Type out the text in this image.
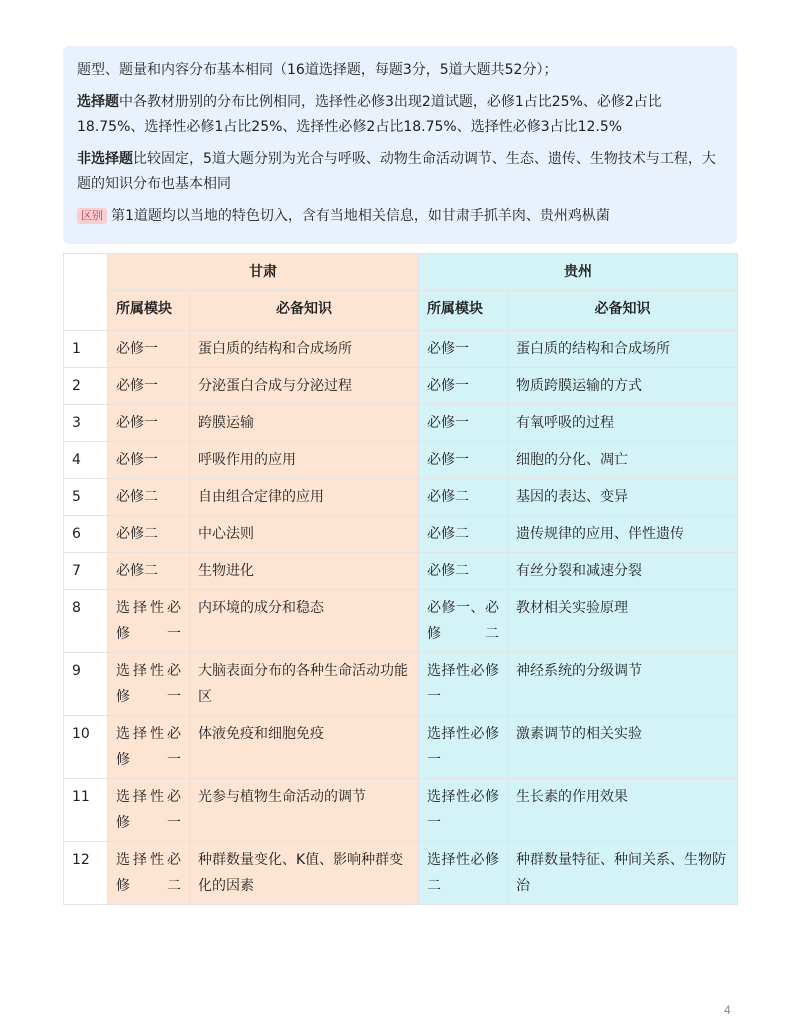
题型、题量和内容分布基本相同（16道选择题，每题3分，5道大题共52分）；

选择题中各教材册别的分布比例相同，选择性必修3出现2道试题，必修1占比25%、必修2占比18.75%、选择性必修1占比25%、选择性必修2占比18.75%、选择性必修3占比12.5%

非选择题比较固定，5道大题分别为光合与呼吸、动物生命活动调节、生态、遗传、生物技术与工程，大题的知识分布也基本相同

区别 第1道题均以当地的特色切入，含有当地相关信息，如甘肃手抓羊肉、贵州鸡枞菌

	甘肃		贵州	
	所属模块	必备知识	所属模块	必备知识
1	必修一	蛋白质的结构和合成场所	必修一	蛋白质的结构和合成场所
2	必修一	分泌蛋白合成与分泌过程	必修一	物质跨膜运输的方式
3	必修一	跨膜运输	必修一	有氧呼吸的过程
4	必修一	呼吸作用的应用	必修一	细胞的分化、凋亡
5	必修二	自由组合定律的应用	必修二	基因的表达、变异
6	必修二	中心法则	必修二	遗传规律的应用、伴性遗传
7	必修二	生物进化	必修二	有丝分裂和减速分裂
8	选择性必修一	内环境的成分和稳态	必修一、必修二	教材相关实验原理
9	选择性必修一	大脑表面分布的各种生命活动功能区	选择性必修一	神经系统的分级调节
10	选择性必修一	体液免疫和细胞免疫	选择性必修一	激素调节的相关实验
11	选择性必修一	光参与植物生命活动的调节	选择性必修一	生长素的作用效果
12	选择性必修二	种群数量变化、K值、影响种群变化的因素	选择性必修二	种群数量特征、种间关系、生物防治
4
